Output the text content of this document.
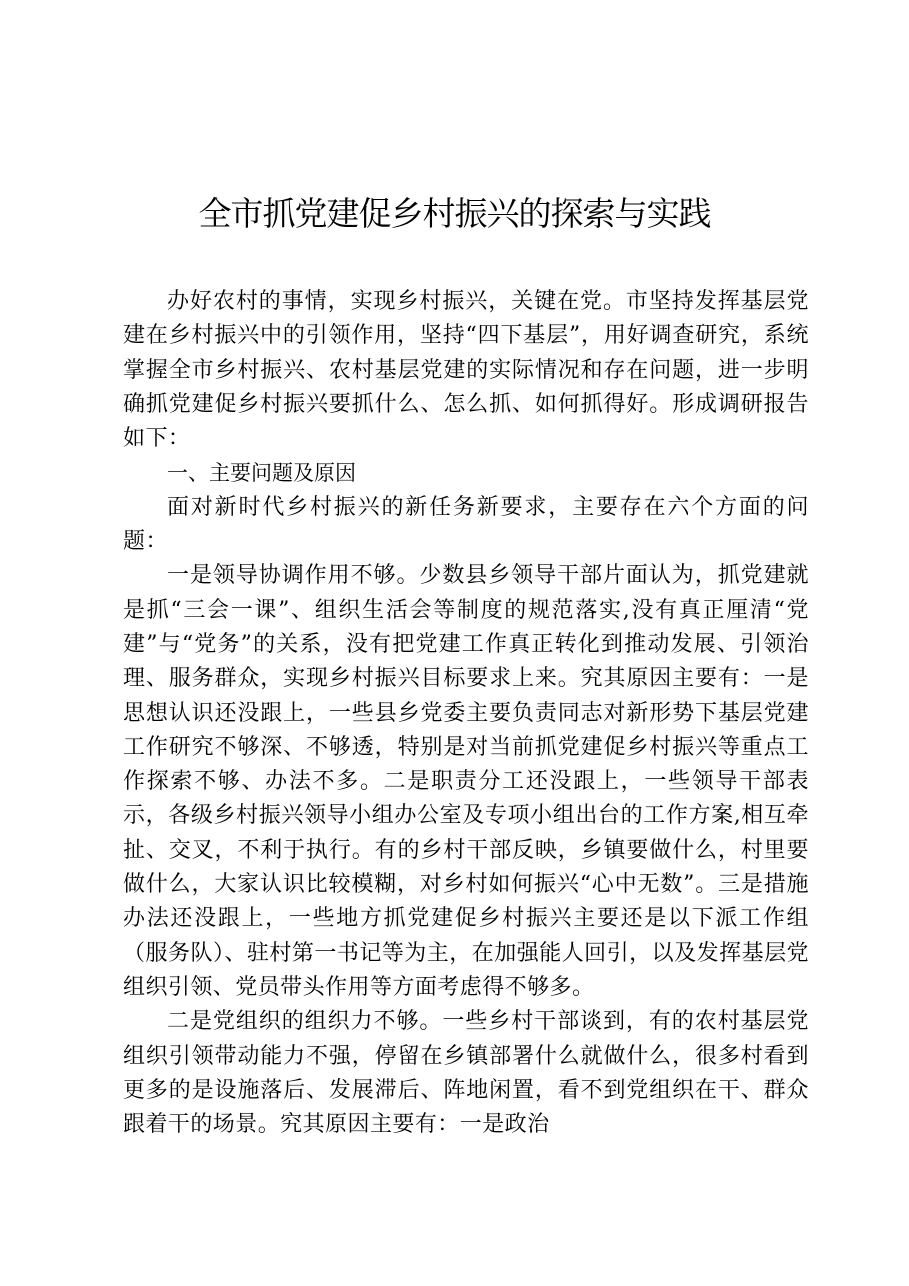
全市抓党建促乡村振兴的探索与实践

办好农村的事情，实现乡村振兴，关键在党。市坚持发挥基层党建在乡村振兴中的引领作用，坚持“四下基层”，用好调查研究，系统掌握全市乡村振兴、农村基层党建的实际情况和存在问题，进一步明确抓党建促乡村振兴要抓什么、怎么抓、如何抓得好。形成调研报告如下：

一、主要问题及原因

面对新时代乡村振兴的新任务新要求，主要存在六个方面的问题：

一是领导协调作用不够。少数县乡领导干部片面认为，抓党建就是抓“三会一课”、组织生活会等制度的规范落实,没有真正厘清“党建”与“党务”的关系，没有把党建工作真正转化到推动发展、引领治理、服务群众，实现乡村振兴目标要求上来。究其原因主要有：一是思想认识还没跟上，一些县乡党委主要负责同志对新形势下基层党建工作研究不够深、不够透，特别是对当前抓党建促乡村振兴等重点工作探索不够、办法不多。二是职责分工还没跟上，一些领导干部表示，各级乡村振兴领导小组办公室及专项小组出台的工作方案,相互牵扯、交叉，不利于执行。有的乡村干部反映，乡镇要做什么，村里要做什么，大家认识比较模糊，对乡村如何振兴“心中无数”。三是措施办法还没跟上，一些地方抓党建促乡村振兴主要还是以下派工作组（服务队）、驻村第一书记等为主，在加强能人回引，以及发挥基层党组织引领、党员带头作用等方面考虑得不够多。

二是党组织的组织力不够。一些乡村干部谈到，有的农村基层党组织引领带动能力不强，停留在乡镇部署什么就做什么，很多村看到更多的是设施落后、发展滞后、阵地闲置，看不到党组织在干、群众跟着干的场景。究其原因主要有：一是政治
